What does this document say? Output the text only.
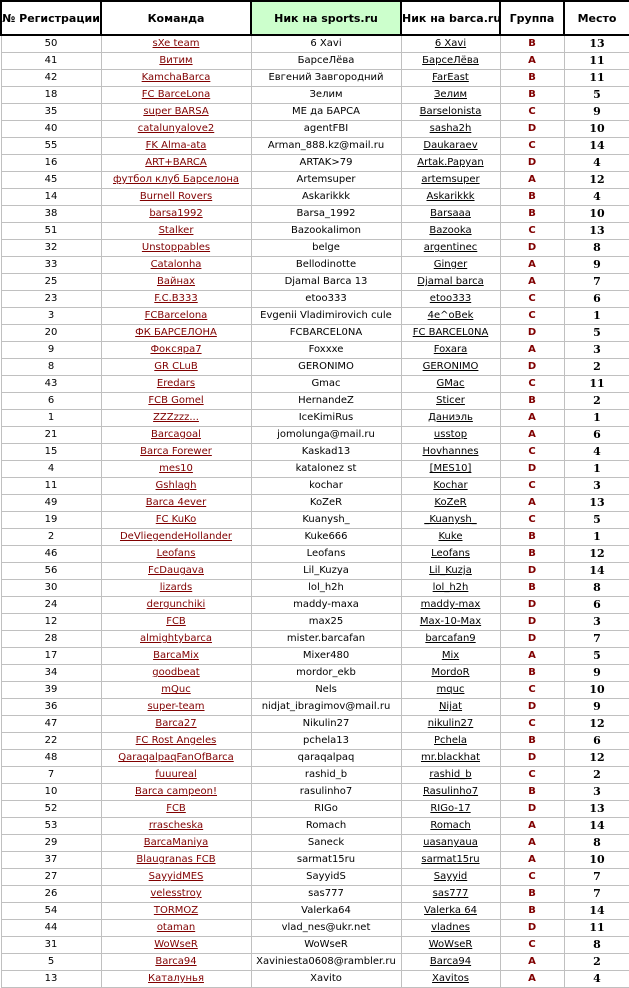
№ Регистрации	Команда	Ник на sports.ru	Ник на barca.ru	Группа	Место
50	sXe team	6 Xavi	6 Xavi	B	13
41	Витим	БарсеЛёва	БарсеЛёва	A	11
42	KamchaBarca	Евгений Завгородний	FarEast	B	11
18	FC BarceLona	Зелим	Зелим	B	5
35	super BARSA	МЕ да БАРСА	Barselonista	C	9
40	catalunyalove2	agentFBI	sasha2h	D	10
55	FK Alma-ata	Arman_888.kz@mail.ru	Daukaraev	C	14
16	ART+BARCA	ARTAK>79	Artak.Papyan	D	4
45	футбол клуб Барселона	Artemsuper	artemsuper	A	12
14	Burnell Rovers	Askarikkk	Askarikkk	B	4
38	barsa1992	Barsa_1992	Barsaaa	B	10
51	Stalker	Bazookalimon	Bazooka	C	13
32	Unstoppables	belge	argentinec	D	8
33	Catalonha	Bellodinotte	Ginger	A	9
25	Вайнах	Djamal Barca 13	Djamal barca	A	7
23	F.C.B333	etoo333	etoo333	C	6
3	FCBarcelona	Evgenii Vladimirovich cule	4e^oBek	C	1
20	ФК БАРСЕЛОНА	FCBARCEL0NA	FC BARCEL0NA	D	5
9	Фоксяра7	Foxxxe	Foxara	A	3
8	GR CLuB	GERONIMO	GERONIMO	D	2
43	Eredars	Gmac	GMac	C	11
6	FCB Gomel	HernandeZ	Sticer	B	2
1	ZZZzzz...	IceKimiRus	Даниэль	A	1
21	Barcagoal	jomolunga@mail.ru	usstop	A	6
15	Barca Forewer	Kaskad13	Hovhannes	C	4
4	mes10	katalonez st	[MES10]	D	1
11	Gshlagh	kochar	Kochar	C	3
49	Barca 4ever	KoZeR	KoZeR	A	13
19	FC KuKo	Kuanysh_	_Kuanysh_	C	5
2	DeVliegendeHollander	Kuke666	Kuke	B	1
46	Leofans	Leofans	Leofans	B	12
56	FcDaugava	Lil_Kuzya	Lil_Kuzja	D	14
30	lizards	lol_h2h	lol_h2h	B	8
24	dergunchiki	maddy-maxa	maddy-max	D	6
12	FCB	max25	Max-10-Max	D	3
28	almightybarca	mister.barcafan	barcafan9	D	7
17	BarcaMix	Mixer480	Mix	A	5
34	goodbeat	mordor_ekb	MordoR	B	9
39	mQuc	Nels	mquc	C	10
36	super-team	nidjat_ibragimov@mail.ru	Nijat	D	9
47	Barca27	Nikulin27	nikulin27	C	12
22	FC Rost Angeles	pchela13	Pchela	B	6
48	QaraqalpaqFanOfBarca	qaraqalpaq	mr.blackhat	D	12
7	fuuureal	rashid_b	rashid_b	C	2
10	Barca campeon!	rasulinho7	Rasulinho7	B	3
52	FCB	RIGo	RIGo-17	D	13
53	rrascheska	Romach	Romach	A	14
29	BarcaManiya	Saneck	uasanyaua	A	8
37	Blaugranas FCB	sarmat15ru	sarmat15ru	A	10
27	SayyidMES	SayyidS	Sayyid	C	7
26	velesstroy	sas777	sas777	B	7
54	TORMOZ	Valerka64	Valerka 64	B	14
44	otaman	vlad_nes@ukr.net	vladnes	D	11
31	WoWseR	WoWseR	WoWseR	C	8
5	Barca94	Xaviniesta0608@rambler.ru	Barca94	A	2
13	Каталунья	Xavito	Xavitos	A	4
